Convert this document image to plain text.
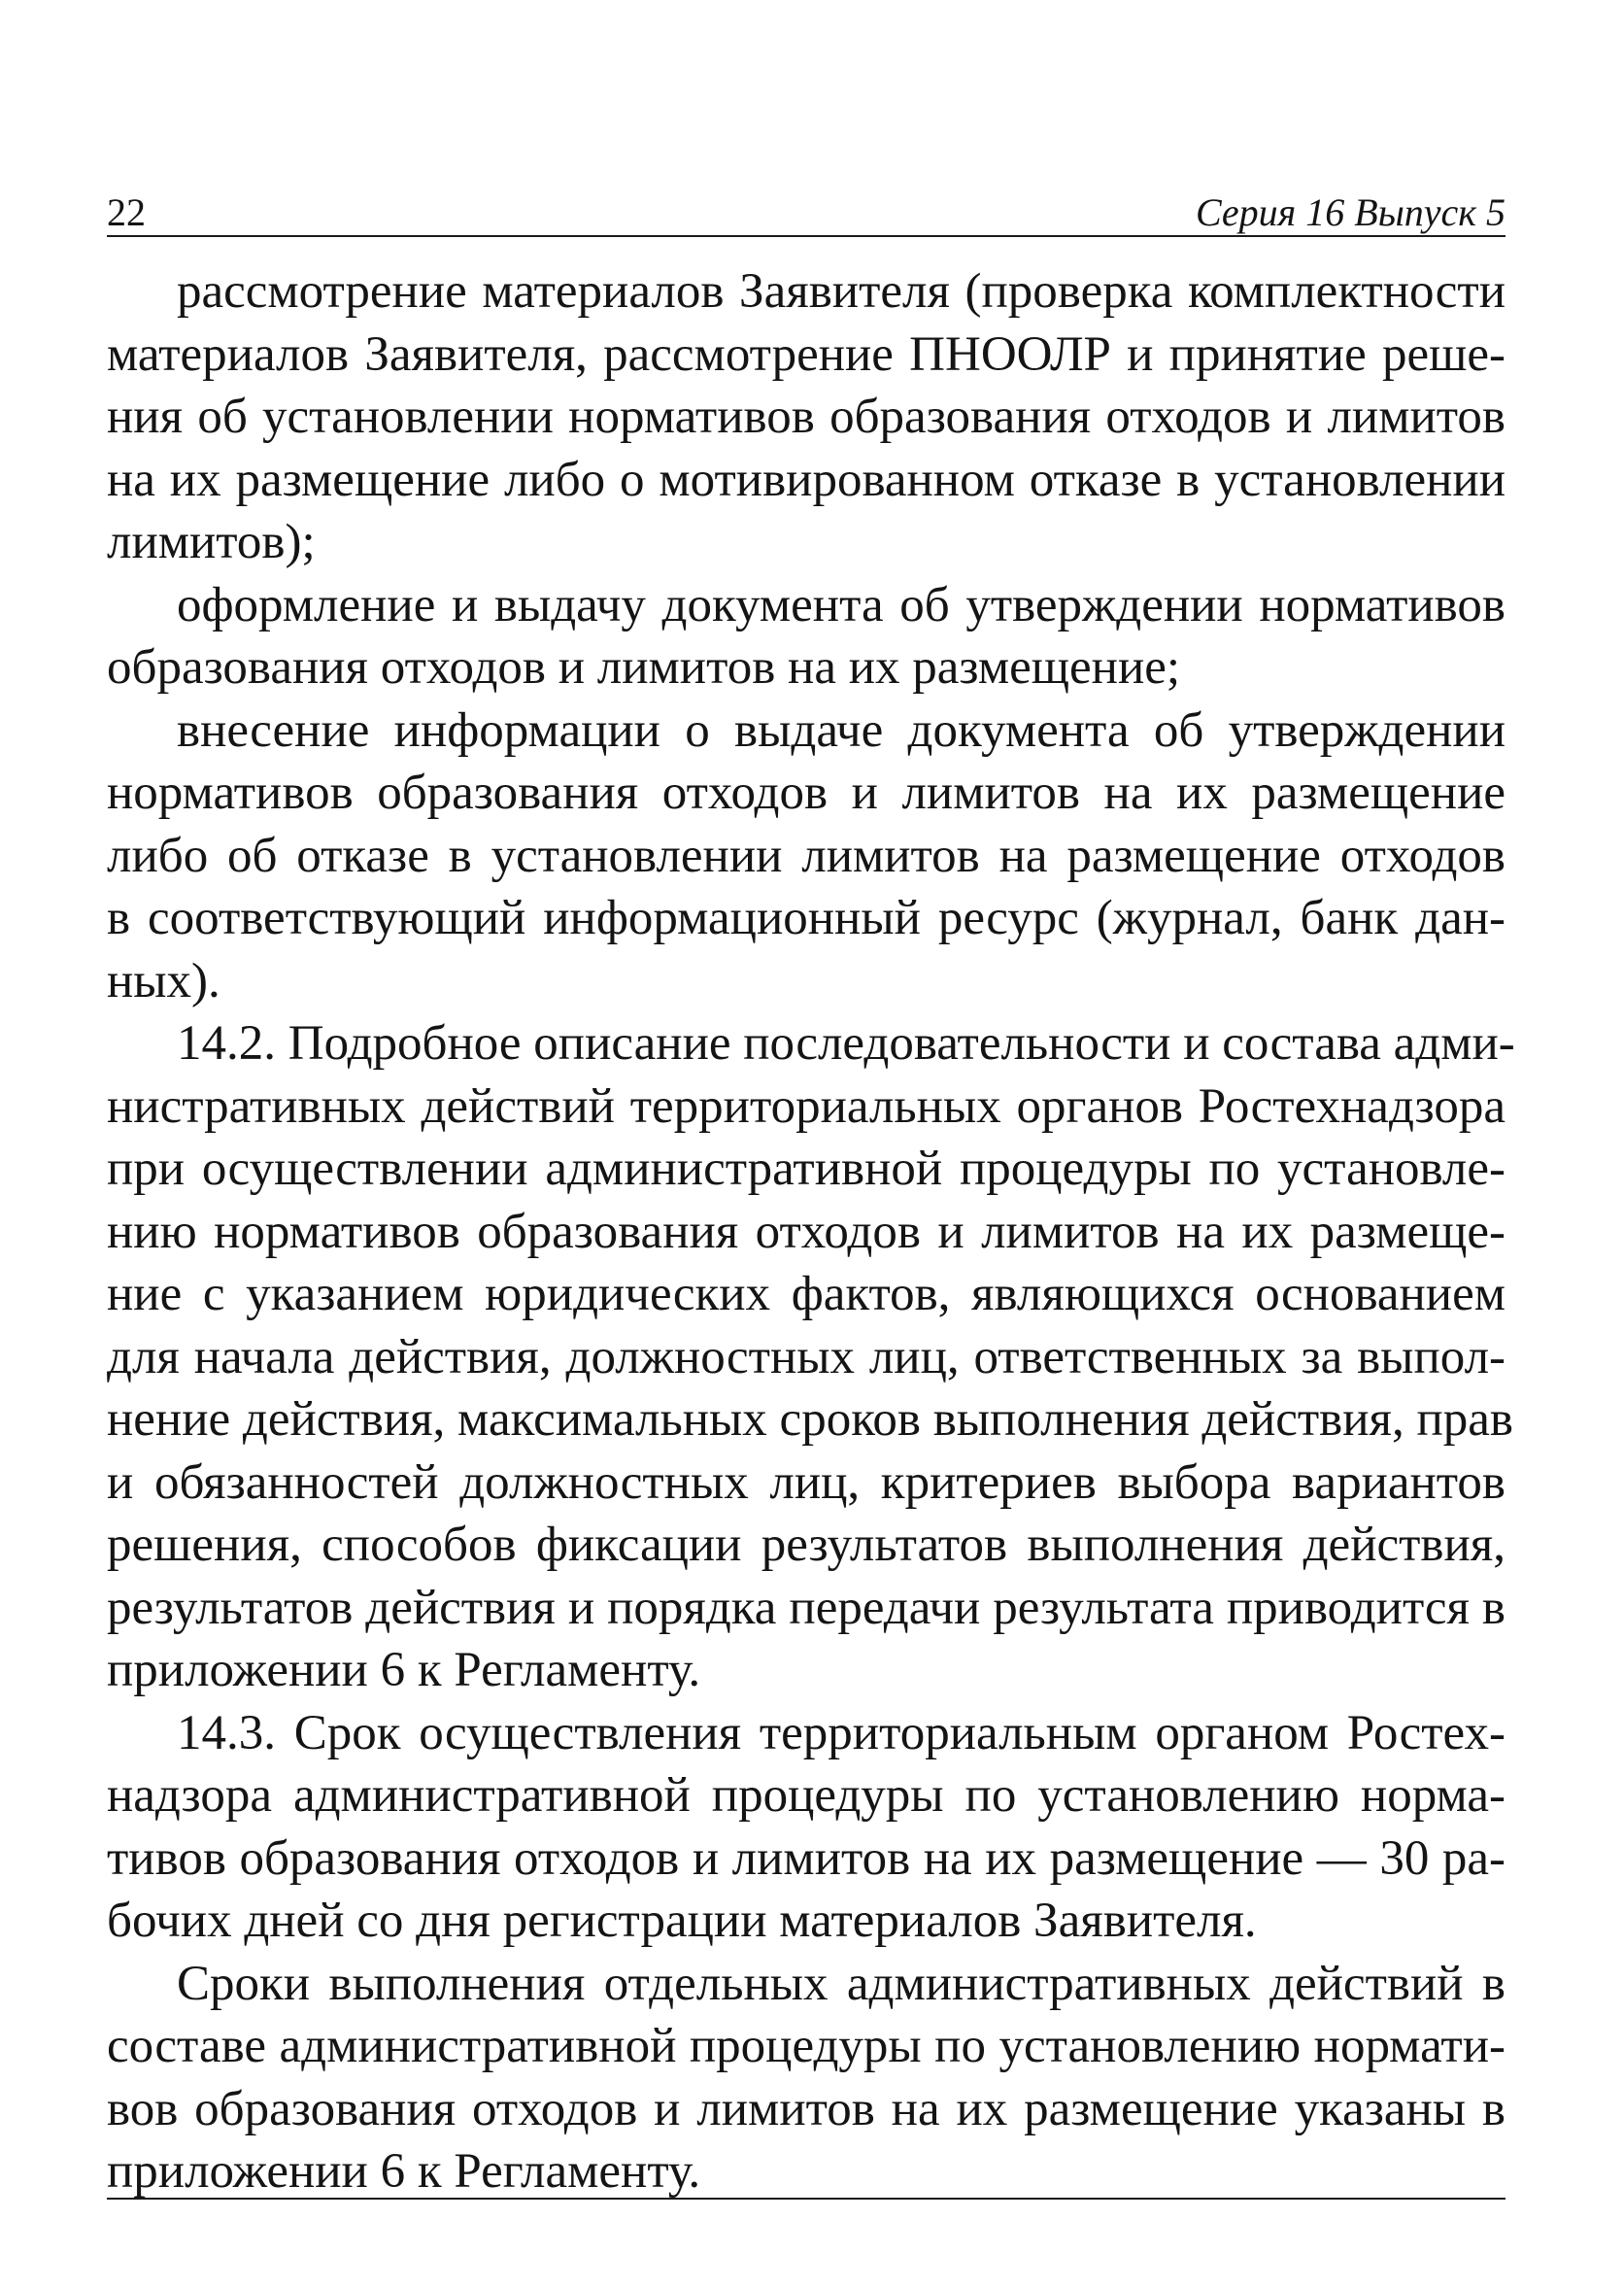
22	Серия 16 Выпуск 5

рассмотрение материалов Заявителя (проверка комплектности
материалов Заявителя, рассмотрение ПНООЛР и принятие реше-
ния об установлении нормативов образования отходов и лимитов
на их размещение либо о мотивированном отказе в установлении
лимитов);

оформление и выдачу документа об утверждении нормативов
образования отходов и лимитов на их размещение;

внесение информации о выдаче документа об утверждении
нормативов образования отходов и лимитов на их размещение
либо об отказе в установлении лимитов на размещение отходов
в соответствующий информационный ресурс (журнал, банк дан-
ных).

14.2. Подробное описание последовательности и состава адми-
нистративных действий территориальных органов Ростехнадзора
при осуществлении административной процедуры по установле-
нию нормативов образования отходов и лимитов на их размеще-
ние с указанием юридических фактов, являющихся основанием
для начала действия, должностных лиц, ответственных за выпол-
нение действия, максимальных сроков выполнения действия, прав
и обязанностей должностных лиц, критериев выбора вариантов
решения, способов фиксации результатов выполнения действия,
результатов действия и порядка передачи результата приводится в
приложении 6 к Регламенту.

14.3. Срок осуществления территориальным органом Ростех-
надзора административной процедуры по установлению норма-
тивов образования отходов и лимитов на их размещение — 30 ра-
бочих дней со дня регистрации материалов Заявителя.

Сроки выполнения отдельных административных действий в
составе административной процедуры по установлению нормати-
вов образования отходов и лимитов на их размещение указаны в
приложении 6 к Регламенту.
